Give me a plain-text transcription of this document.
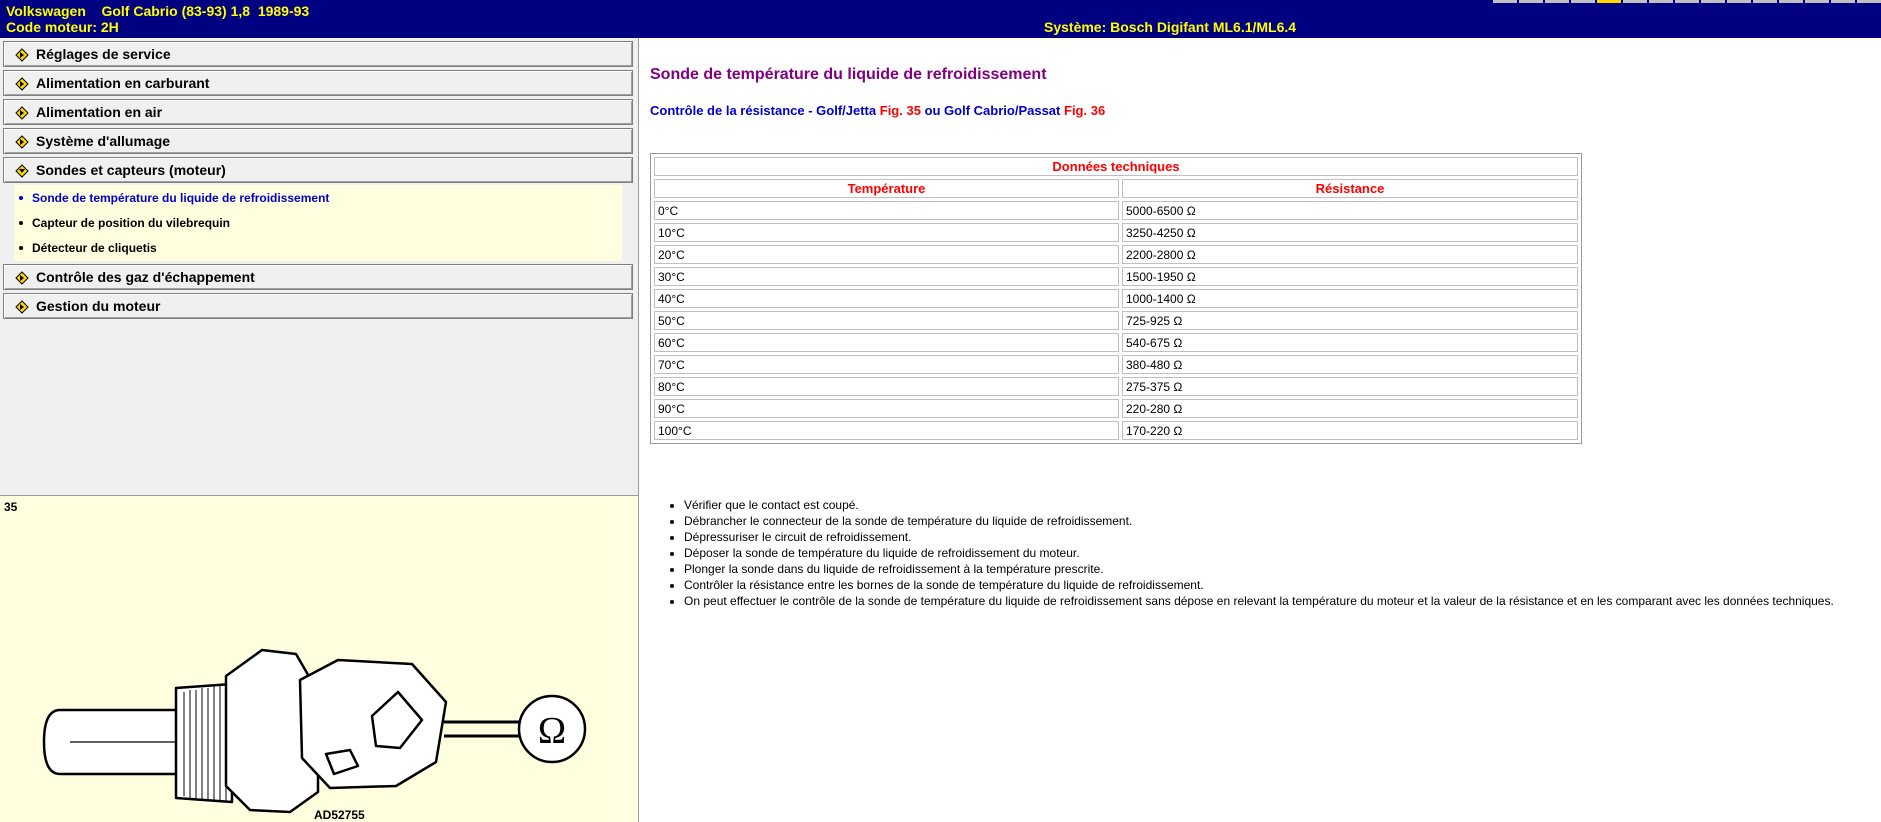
Volkswagen Golf Cabrio (83-93) 1,8  1989-93
Code moteur: 2H	Système: Bosch Digifant ML6.1/ML6.4
Réglages de service
Alimentation en carburant
Alimentation en air
Système d'allumage
Sondes et capteurs (moteur)
Sonde de température du liquide de refroidissement
Capteur de position du vilebrequin
Détecteur de cliquetis
Contrôle des gaz d'échappement
Gestion du moteur
35
Ω
AD52755
Sonde de température du liquide de refroidissement
Contrôle de la résistance - Golf/Jetta Fig. 35 ou Golf Cabrio/Passat Fig. 36
Données techniques	
Température	Résistance
0°C	5000-6500 Ω
10°C	3250-4250 Ω
20°C	2200-2800 Ω
30°C	1500-1950 Ω
40°C	1000-1400 Ω
50°C	725-925 Ω
60°C	540-675 Ω
70°C	380-480 Ω
80°C	275-375 Ω
90°C	220-280 Ω
100°C	170-220 Ω
• Vérifier que le contact est coupé.
• Débrancher le connecteur de la sonde de température du liquide de refroidissement.
• Dépressuriser le circuit de refroidissement.
• Déposer la sonde de température du liquide de refroidissement du moteur.
• Plonger la sonde dans du liquide de refroidissement à la température prescrite.
• Contrôler la résistance entre les bornes de la sonde de température du liquide de refroidissement.
• On peut effectuer le contrôle de la sonde de température du liquide de refroidissement sans dépose en relevant la température du moteur et la valeur de la résistance et en les comparant avec les données techniques.
